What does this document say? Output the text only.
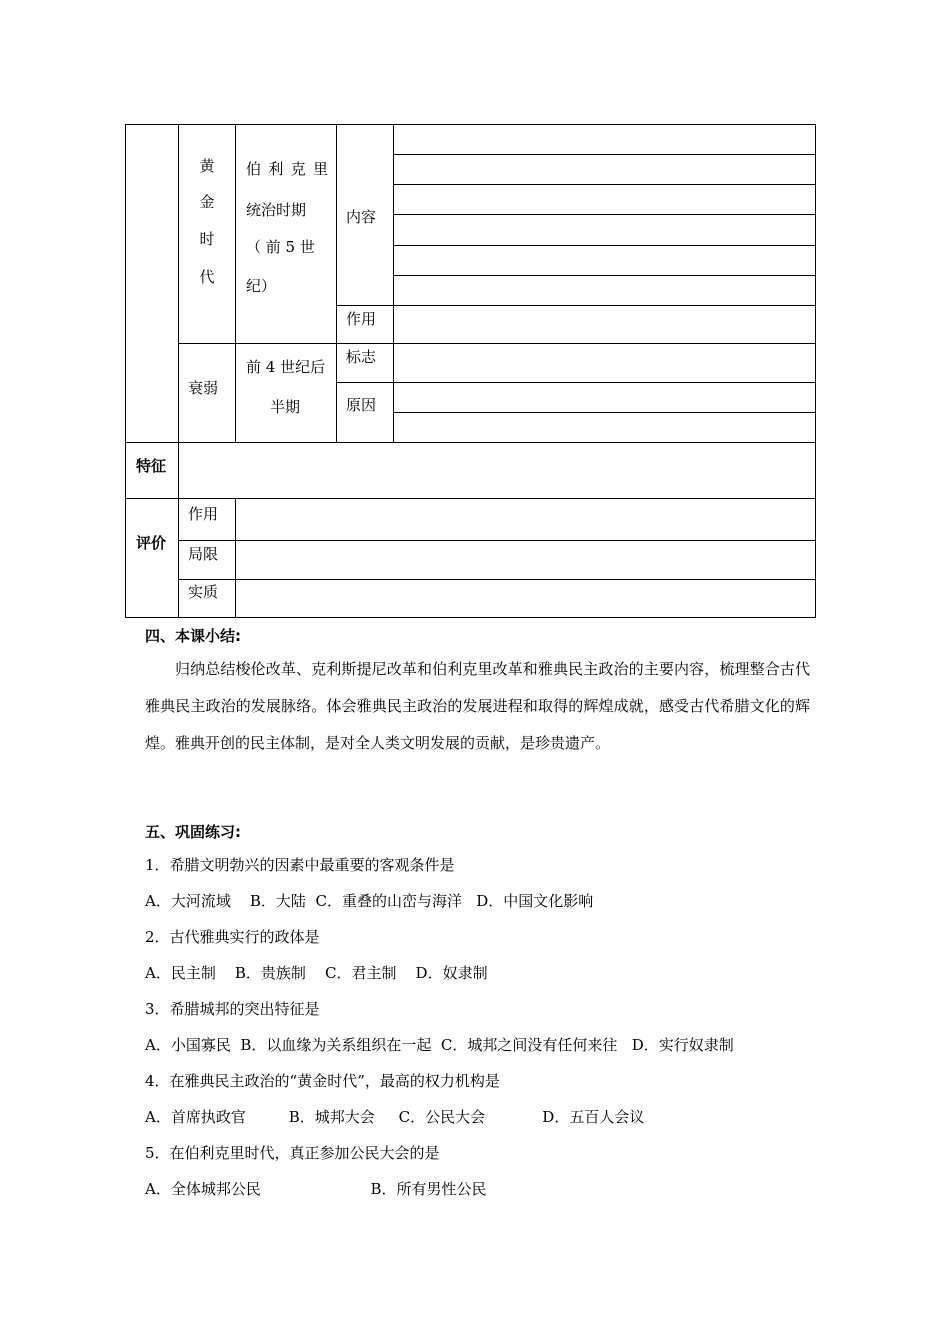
黄
金
时
代
伯 利 克 里
统治时期
（ 前 5 世
纪）
内容
作用
衰弱
前 4 世纪后
半期
标志
原因
特征
评价
作用
局限
实质
四、本课小结:
归纳总结梭伦改革、克利斯提尼改革和伯利克里改革和雅典民主政治的主要内容，梳理整合古代雅典民主政治的发展脉络。体会雅典民主政治的发展进程和取得的辉煌成就，感受古代希腊文化的辉煌。雅典开创的民主体制，是对全人类文明发展的贡献，是珍贵遗产。
五、巩固练习:
1．希腊文明勃兴的因素中最重要的客观条件是
A．大河流域    B．大陆  C．重叠的山峦与海洋   D．中国文化影响
2．古代雅典实行的政体是
A．民主制    B．贵族制    C．君主制    D．奴隶制
3．希腊城邦的突出特征是
A．小国寡民  B．以血缘为关系组织在一起  C．城邦之间没有任何来往   D．实行奴隶制
4．在雅典民主政治的“黄金时代”，最高的权力机构是
A．首席执政官         B．城邦大会     C．公民大会            D．五百人会议
5．在伯利克里时代，真正参加公民大会的是
A．全体城邦公民                       B．所有男性公民
